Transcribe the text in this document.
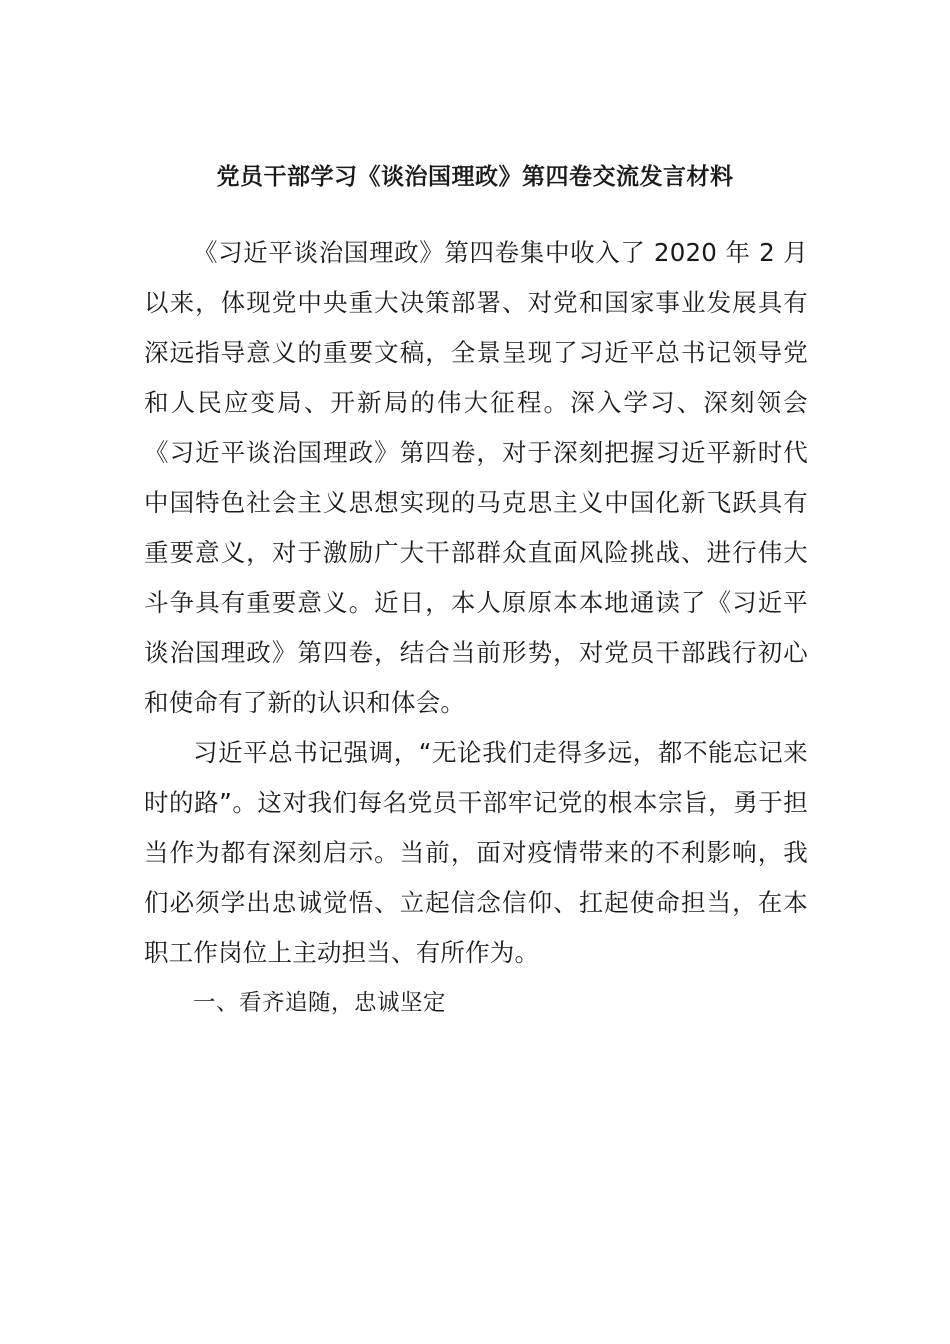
党员干部学习《谈治国理政》第四卷交流发言材料

《习近平谈治国理政》第四卷集中收入了 2020 年 2 月以来，体现党中央重大决策部署、对党和国家事业发展具有深远指导意义的重要文稿，全景呈现了习近平总书记领导党和人民应变局、开新局的伟大征程。深入学习、深刻领会《习近平谈治国理政》第四卷，对于深刻把握习近平新时代中国特色社会主义思想实现的马克思主义中国化新飞跃具有重要意义，对于激励广大干部群众直面风险挑战、进行伟大斗争具有重要意义。近日，本人原原本本地通读了《习近平谈治国理政》第四卷，结合当前形势，对党员干部践行初心和使命有了新的认识和体会。

习近平总书记强调，“无论我们走得多远，都不能忘记来时的路”。这对我们每名党员干部牢记党的根本宗旨，勇于担当作为都有深刻启示。当前，面对疫情带来的不利影响，我们必须学出忠诚觉悟、立起信念信仰、扛起使命担当，在本职工作岗位上主动担当、有所作为。

一、看齐追随，忠诚坚定
